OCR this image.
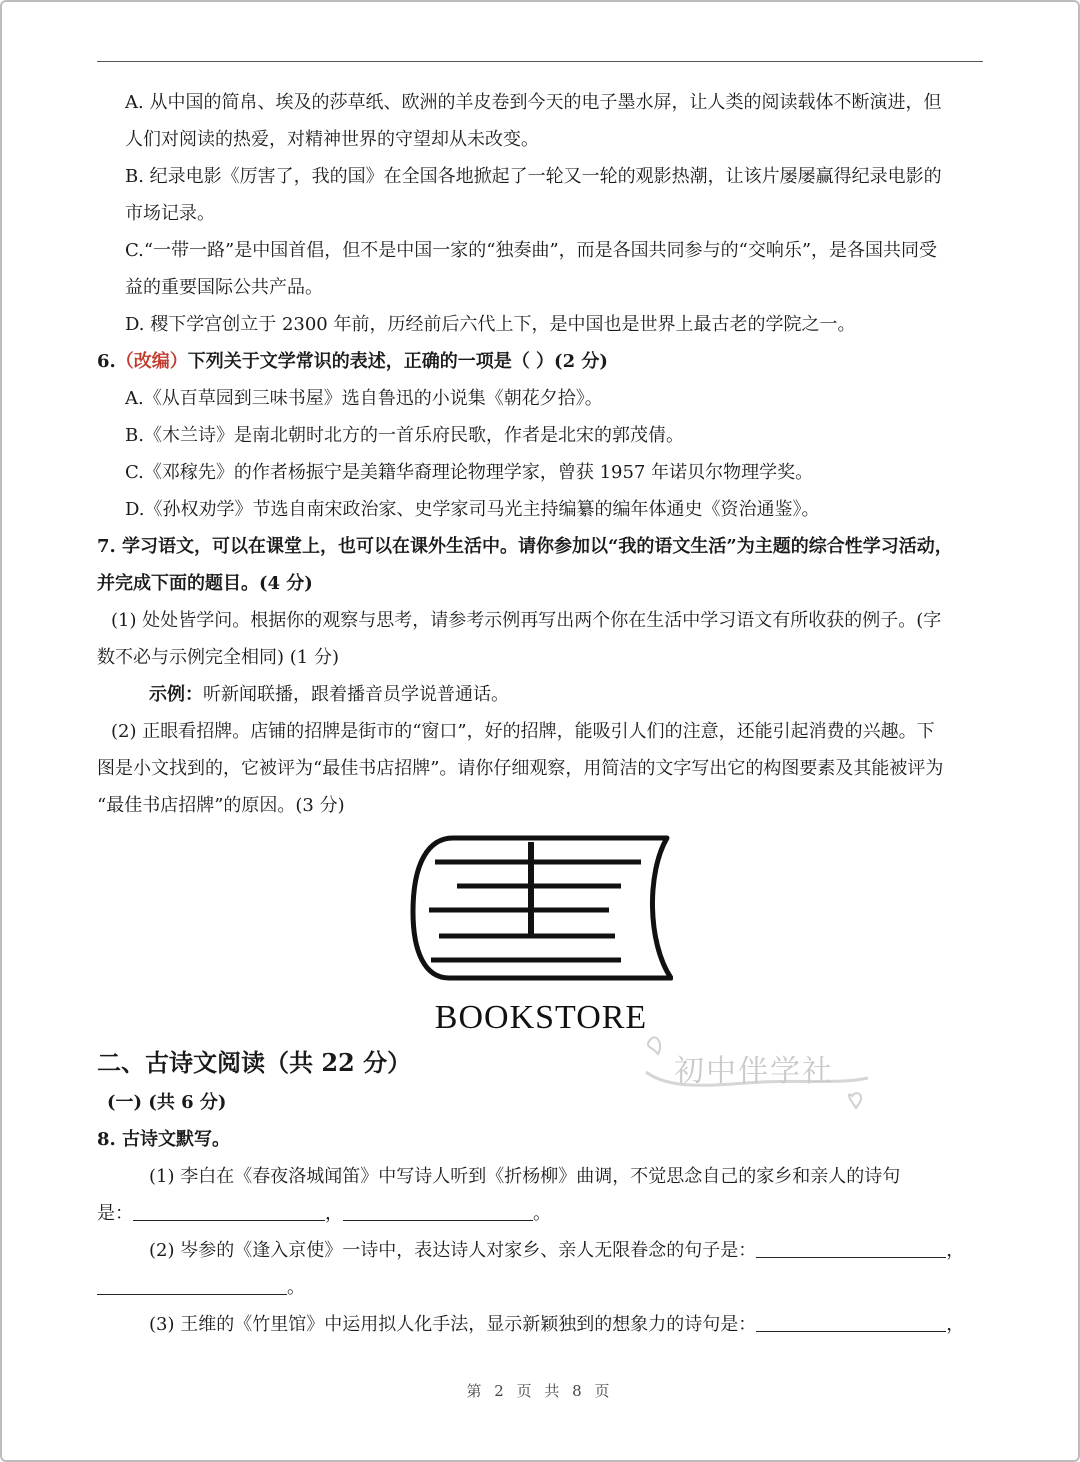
A. 从中国的简帛、埃及的莎草纸、欧洲的羊皮卷到今天的电子墨水屏，让人类的阅读载体不断演进，但
人们对阅读的热爱，对精神世界的守望却从未改变。
B. 纪录电影《厉害了，我的国》在全国各地掀起了一轮又一轮的观影热潮，让该片屡屡赢得纪录电影的
市场记录。
C.“一带一路”是中国首倡，但不是中国一家的“独奏曲”，而是各国共同参与的“交响乐”，是各国共同受
益的重要国际公共产品。
D. 稷下学宫创立于 2300 年前，历经前后六代上下，是中国也是世界上最古老的学院之一。
6.（改编）下列关于文学常识的表述，正确的一项是（ ）(2 分)
A.《从百草园到三味书屋》选自鲁迅的小说集《朝花夕拾》。
B.《木兰诗》是南北朝时北方的一首乐府民歌，作者是北宋的郭茂倩。
C.《邓稼先》的作者杨振宁是美籍华裔理论物理学家，曾获 1957 年诺贝尔物理学奖。
D.《孙权劝学》节选自南宋政治家、史学家司马光主持编纂的编年体通史《资治通鉴》。
7. 学习语文，可以在课堂上，也可以在课外生活中。请你参加以“我的语文生活”为主题的综合性学习活动，
并完成下面的题目。(4 分)
(1) 处处皆学问。根据你的观察与思考，请参考示例再写出两个你在生活中学习语文有所收获的例子。(字
数不必与示例完全相同) (1 分)
示例：听新闻联播，跟着播音员学说普通话。
(2) 正眼看招牌。店铺的招牌是街市的“窗口”，好的招牌，能吸引人们的注意，还能引起消费的兴趣。下
图是小文找到的，它被评为“最佳书店招牌”。请你仔细观察，用简洁的文字写出它的构图要素及其能被评为
“最佳书店招牌”的原因。(3 分)
BOOKSTORE
二、古诗文阅读（共 22 分）
(一) (共 6 分)
8. 古诗文默写。
(1) 李白在《春夜洛城闻笛》中写诗人听到《折杨柳》曲调，不觉思念自己的家乡和亲人的诗句
是：	，	。
(2) 岑参的《逢入京使》一诗中，表达诗人对家乡、亲人无限眷念的句子是：	，
。
(3) 王维的《竹里馆》中运用拟人化手法，显示新颖独到的想象力的诗句是：	，
初中伴学社
第 2 页 共 8 页
